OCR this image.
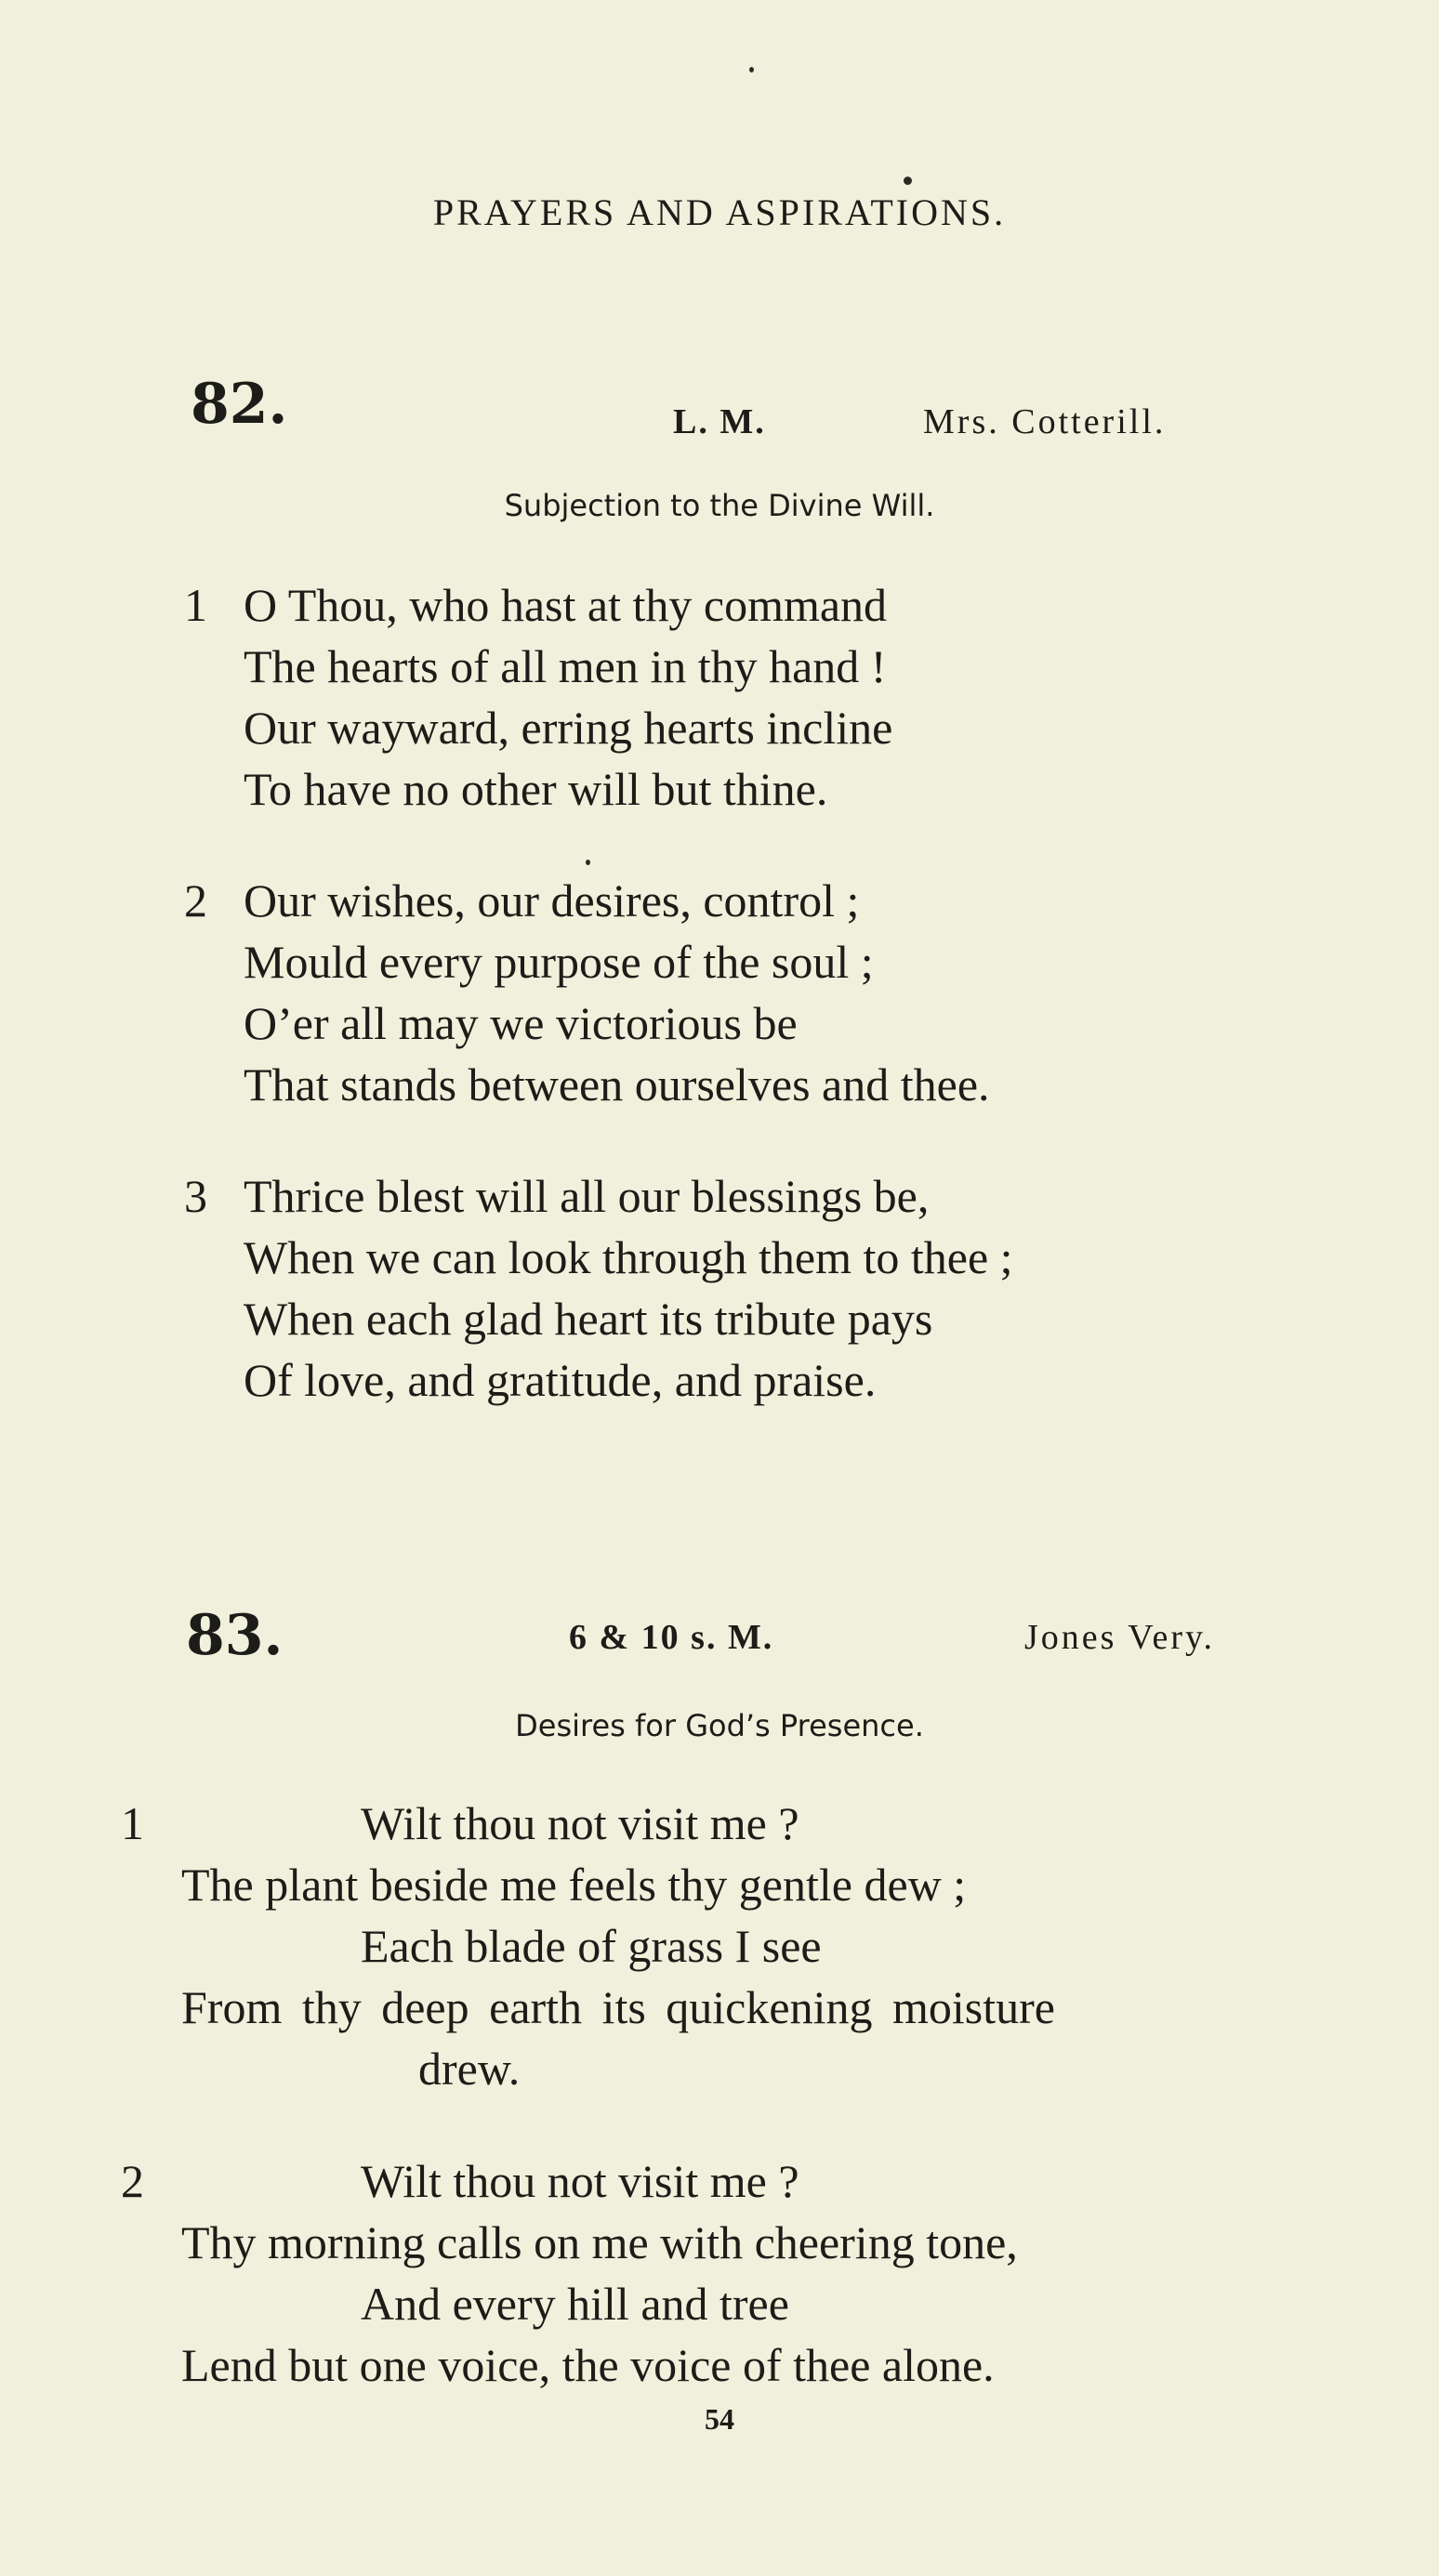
PRAYERS AND ASPIRATIONS.
82.	L. M.	Mrs. Cotterill.
Subjection to the Divine Will.
1 O Thou, who hast at thy command
The hearts of all men in thy hand !
Our wayward, erring hearts incline
To have no other will but thine.
2 Our wishes, our desires, control ;
Mould every purpose of the soul ;
O’er all may we victorious be
That stands between ourselves and thee.
3 Thrice blest will all our blessings be,
When we can look through them to thee ;
When each glad heart its tribute pays
Of love, and gratitude, and praise.
83.	6 & 10 s. M.	Jones Very.
Desires for God’s Presence.
1	Wilt thou not visit me ?
The plant beside me feels thy gentle dew ;
Each blade of grass I see
From thy deep earth its quickening moisture
drew.
2	Wilt thou not visit me ?
Thy morning calls on me with cheering tone,
And every hill and tree
Lend but one voice, the voice of thee alone.
54
